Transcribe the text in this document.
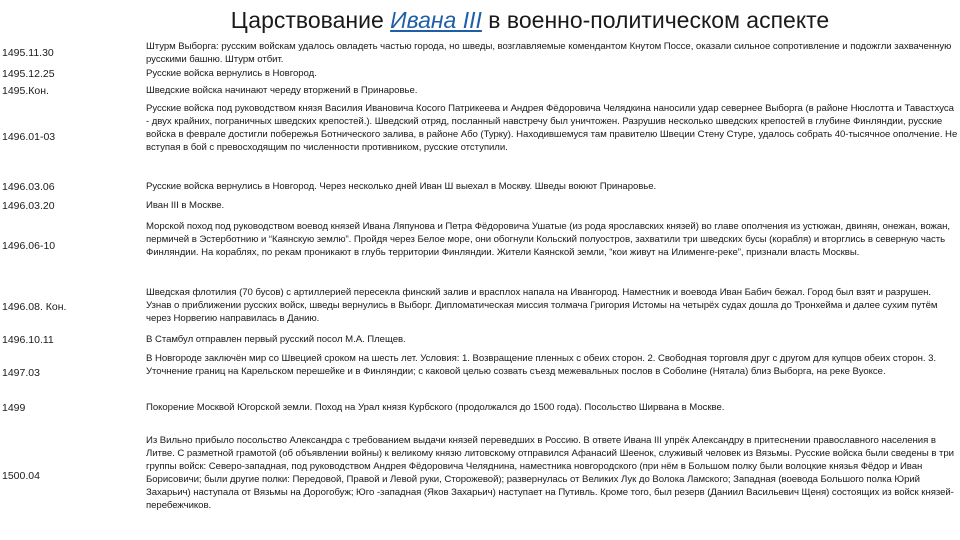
Царствование Ивана III в военно-политическом аспекте
1495.11.30
Штурм Выборга: русским войскам удалось овладеть частью города, но шведы, возглавляемые комендантом Кнутом Поссе, оказали сильное сопротивление и подожгли захваченную русскими башню. Штурм отбит.
1495.12.25	Русские войска вернулись в Новгород.
1495.Кон.	Шведские войска начинают череду вторжений в Принаровье.
1496.01-03
Русские войска под руководством князя Василия Ивановича Косого Патрикеева и Андрея Фёдоровича Челядкина наносили удар севернее Выборга (в районе Нюслотта и Тавастхуса - двух крайних, пограничных шведских крепостей.). Шведский отряд, посланный навстречу был уничтожен. Разрушив несколько шведских крепостей в глубине Финляндии, русские войска в феврале достигли побережья Ботнического залива, в районе Або (Турку). Находившемуся там правителю Швеции Стену Стуре, удалось собрать 40-тысячное ополчение. Не вступая в бой с превосходящим по численности противником, русские отступили.
1496.03.06	Русские войска вернулись в Новгород. Через несколько дней Иван Ш выехал в Москву. Шведы воюют Принаровье.
1496.03.20	Иван III в Москве.
1496.06-10
Морской поход под руководством воевод князей Ивана Ляпунова и Петра Фёдоровича Ушатые (из рода ярославских князей) во главе ополчения из устюжан, двинян, онежан, вожан, пермичей в Эстерботнию и “Каянскую землю”. Пройдя через Белое море, они обогнули Кольский полуостров, захватили три шведских бусы (корабля) и вторглись в северную часть Финляндии. На кораблях, по рекам проникают в глубь территории Финляндии. Жители Каянской земли, “кои живут на Илименге-реке”, признали власть Москвы.
1496.08. Кон.
Шведская флотилия (70 бусов) с артиллерией пересекла финский залив и врасплох напала на Ивангород. Наместник и воевода Иван Бабич бежал. Город был взят и разрушен. Узнав о приближении русских войск, шведы вернулись в Выборг. Дипломатическая миссия толмача Григория Истомы на четырёх судах дошла до Тронхейма и далее сухим путём через Норвегию направилась в Данию.
1496.10.11	В Стамбул отправлен первый русский посол М.А. Плещев.
1497.03
В Новгороде заключён мир со Швецией сроком на шесть лет. Условия: 1. Возвращение пленных с обеих сторон. 2. Свободная торговля друг с другом для купцов обеих сторон. 3. Уточнение границ на Карельском перешейке и в Финляндии; с каковой целью созвать съезд межевальных послов в Соболине (Нятала) близ Выборга, на реке Вуоксе.
1499	Покорение Москвой Югорской земли. Поход на Урал князя Курбского (продолжался до 1500 года). Посольство Ширвана в Москве.
1500.04
Из Вильно прибыло посольство Александра с требованием выдачи князей переведших в Россию. В ответе Ивана III упрёк Александру в притеснении православного населения в Литве. С разметной грамотой (об объявлении войны) к великому князю литовскому отправился Афанасий Шеенок, служивый человек из Вязьмы. Русские войска были сведены в три группы войск: Северо-западная, под руководством Андрея Фёдоровича Челяднина, наместника новгородского (при нём в Большом полку были волоцкие князья Фёдор и Иван Борисовичи; были другие полки: Передовой, Правой и Левой руки, Сторожевой); развернулась от Великих Лук до Волока Ламского; Западная (воевода Большого полка Юрий Захарьич) наступала от Вязьмы на Дорогобуж; Юго -западная (Яков Захарьич) наступает на Путивль. Кроме того, был резерв (Даниил Васильевич Щеня) состоящих из войск князей-перебежчиков.
